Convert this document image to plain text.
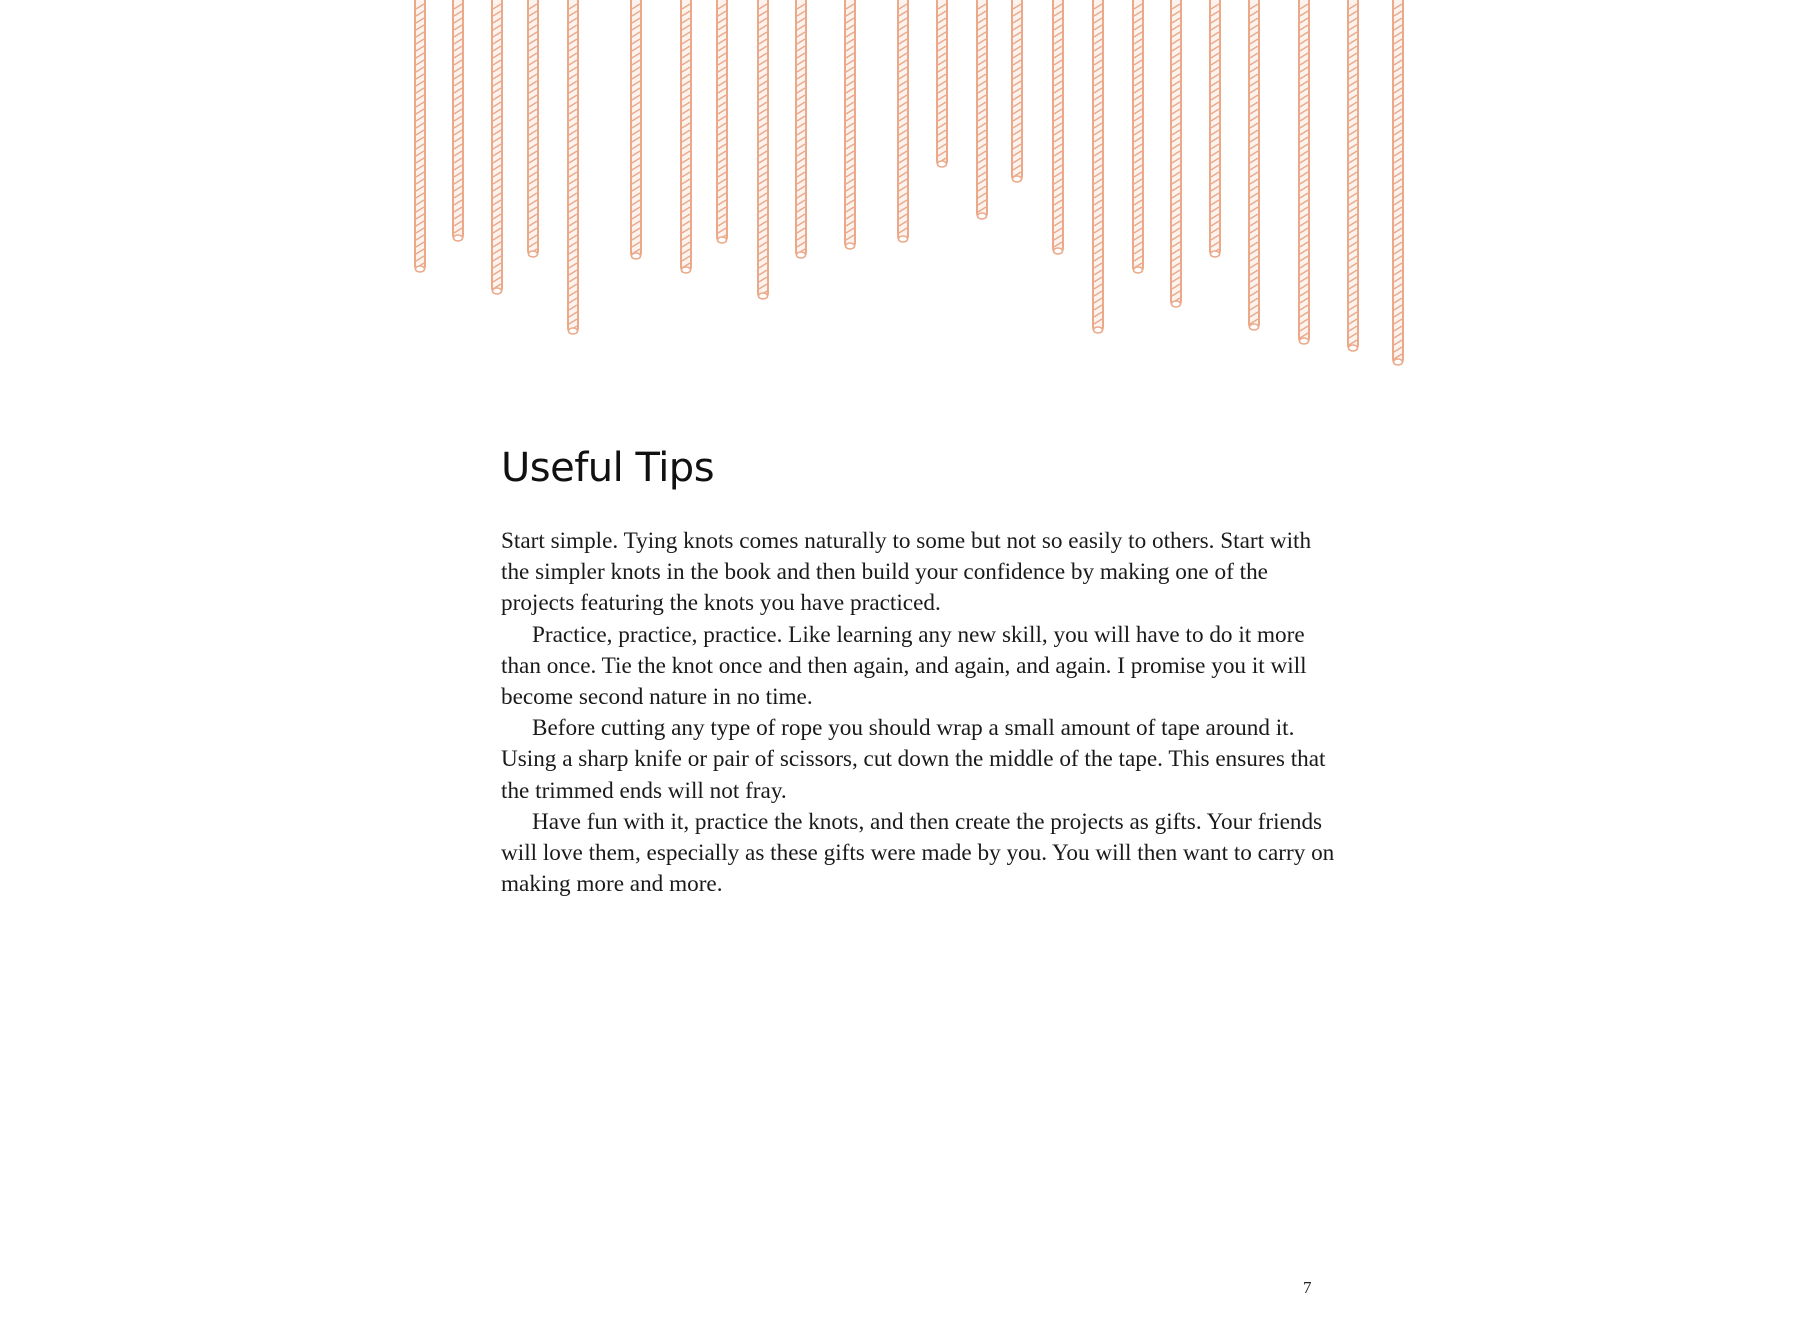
Useful Tips

Start simple. Tying knots comes naturally to some but not so easily to others. Start with the simpler knots in the book and then build your confidence by making one of the projects featuring the knots you have practiced.

Practice, practice, practice. Like learning any new skill, you will have to do it more than once. Tie the knot once and then again, and again, and again. I promise you it will become second nature in no time.

Before cutting any type of rope you should wrap a small amount of tape around it. Using a sharp knife or pair of scissors, cut down the middle of the tape. This ensures that the trimmed ends will not fray.

Have fun with it, practice the knots, and then create the projects as gifts. Your friends will love them, especially as these gifts were made by you. You will then want to carry on making more and more.

7
